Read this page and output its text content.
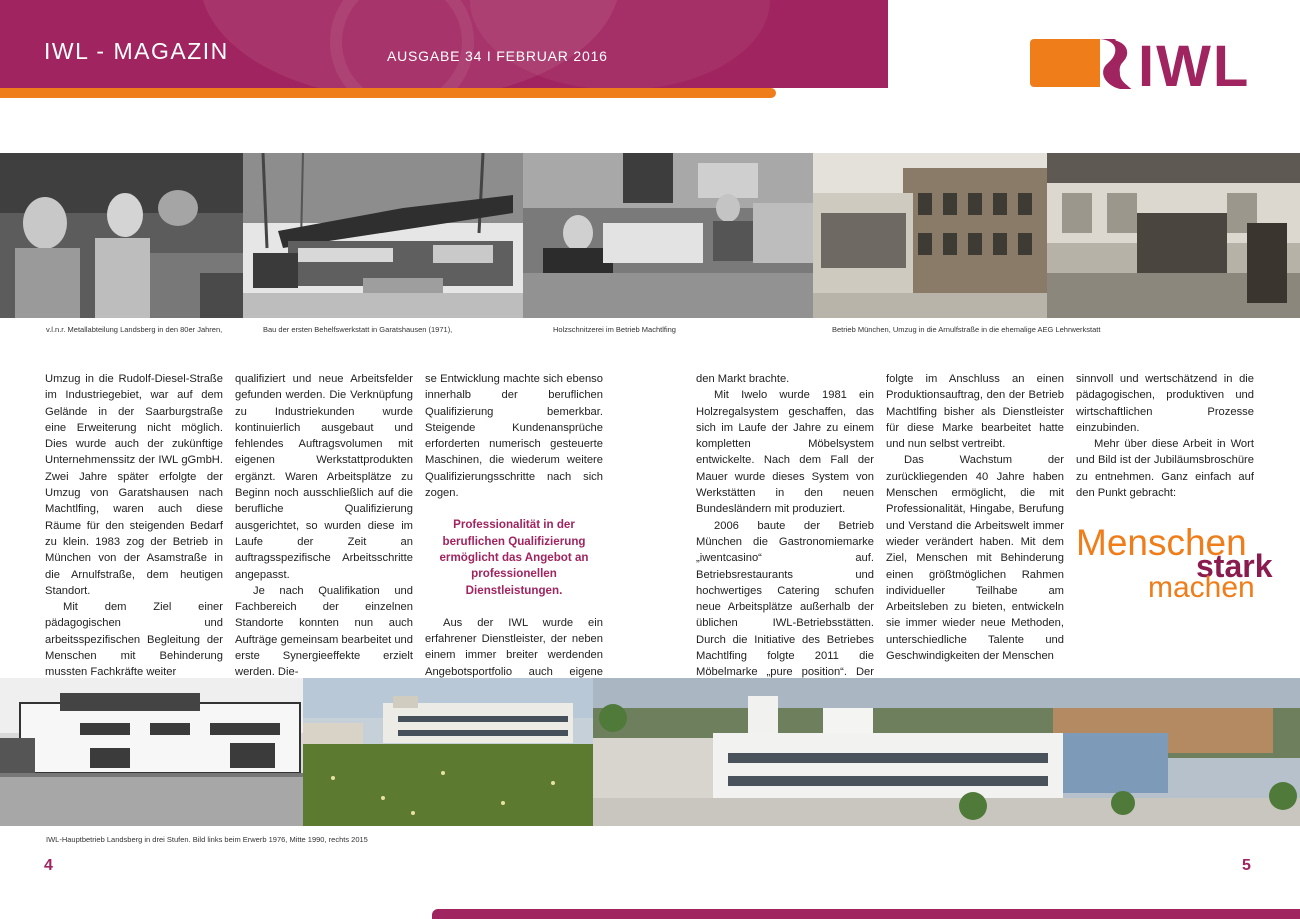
IWL - MAGAZIN	AUSGABE 34 I FEBRUAR 2016	IWL
v.l.n.r. Metallabteilung Landsberg in den 80er Jahren,	Bau der ersten Behelfswerkstatt in Garatshausen (1971),	Holzschnitzerei im Betrieb Machtlfing	Betrieb München, Umzug in die Arnulfstraße in die ehemalige AEG Lehrwerkstatt

Umzug in die Rudolf-Diesel-Straße im Industriegebiet, war auf dem Gelände in der Saarburgstraße eine Erweiterung nicht möglich. Dies wurde auch der zukünftige Unternehmenssitz der IWL gGmbH. Zwei Jahre später erfolgte der Umzug von Garatshausen nach Machtlfing, waren auch diese Räume für den steigenden Bedarf zu klein. 1983 zog der Betrieb in München von der Asamstraße in die Arnulfstraße, dem heutigen Standort.

Mit dem Ziel einer pädagogischen und arbeitsspezifischen Begleitung der Menschen mit Behinderung mussten Fachkräfte weiter

qualifiziert und neue Arbeitsfelder gefunden werden. Die Verknüpfung zu Industriekunden wurde kontinuierlich ausgebaut und fehlendes Auftragsvolumen mit eigenen Werkstattprodukten ergänzt. Waren Arbeitsplätze zu Beginn noch ausschließlich auf die berufliche Qualifizierung ausgerichtet, so wurden diese im Laufe der Zeit an auftragsspezifische Arbeitsschritte angepasst.

Je nach Qualifikation und Fachbereich der einzelnen Standorte konnten nun auch Aufträge gemeinsam bearbeitet und erste Synergieeffekte erzielt werden. Die-

se Entwicklung machte sich ebenso innerhalb der beruflichen Qualifizierung bemerkbar. Steigende Kundenansprüche erforderten numerisch gesteuerte Maschinen, die wiederum weitere Qualifizierungsschritte nach sich zogen.

Professionalität in der beruflichen Qualifizierung ermöglicht das Angebot an professionellen Dienstleistungen.

Aus der IWL wurde ein erfahrener Dienstleister, der neben einem immer breiter werdenden Angebotsportfolio auch eigene

den Markt brachte.

Mit Iwelo wurde 1981 ein Holzregalsystem geschaffen, das sich im Laufe der Jahre zu einem kompletten Möbelsystem entwickelte. Nach dem Fall der Mauer wurde dieses System von Werkstätten in den neuen Bundesländern mit produziert.

2006 baute der Betrieb München die Gastronomiemarke „iwentcasino“ auf. Betriebsrestaurants und hochwertiges Catering schufen neue Arbeitsplätze außerhalb der üblichen IWL-Betriebsstätten. Durch die Initiative des Betriebes Machtlfing folgte 2011 die Möbelmarke „pure position“. Der

folgte im Anschluss an einen Produktionsauftrag, den der Betrieb Machtlfing bisher als Dienstleister für diese Marke bearbeitet hatte und nun selbst vertreibt.

Das Wachstum der zurückliegenden 40 Jahre haben Menschen ermöglicht, die mit Professionalität, Hingabe, Berufung und Verstand die Arbeitswelt immer wieder verändert haben. Mit dem Ziel, Menschen mit Behinderung einen größtmöglichen Rahmen individueller Teilhabe am Arbeitsleben zu bieten, entwickeln sie immer wieder neue Methoden, unterschiedliche Talente und Geschwindigkeiten der Menschen

sinnvoll und wertschätzend in die pädagogischen, produktiven und wirtschaftlichen Prozesse einzubinden.

Mehr über diese Arbeit in Wort und Bild ist der Jubiläumsbroschüre zu entnehmen. Ganz einfach auf den Punkt gebracht:

Menschen
stark
machen
IWL-Hauptbetrieb Landsberg in drei Stufen. Bild links beim Erwerb 1976, Mitte 1990, rechts 2015
4	5
